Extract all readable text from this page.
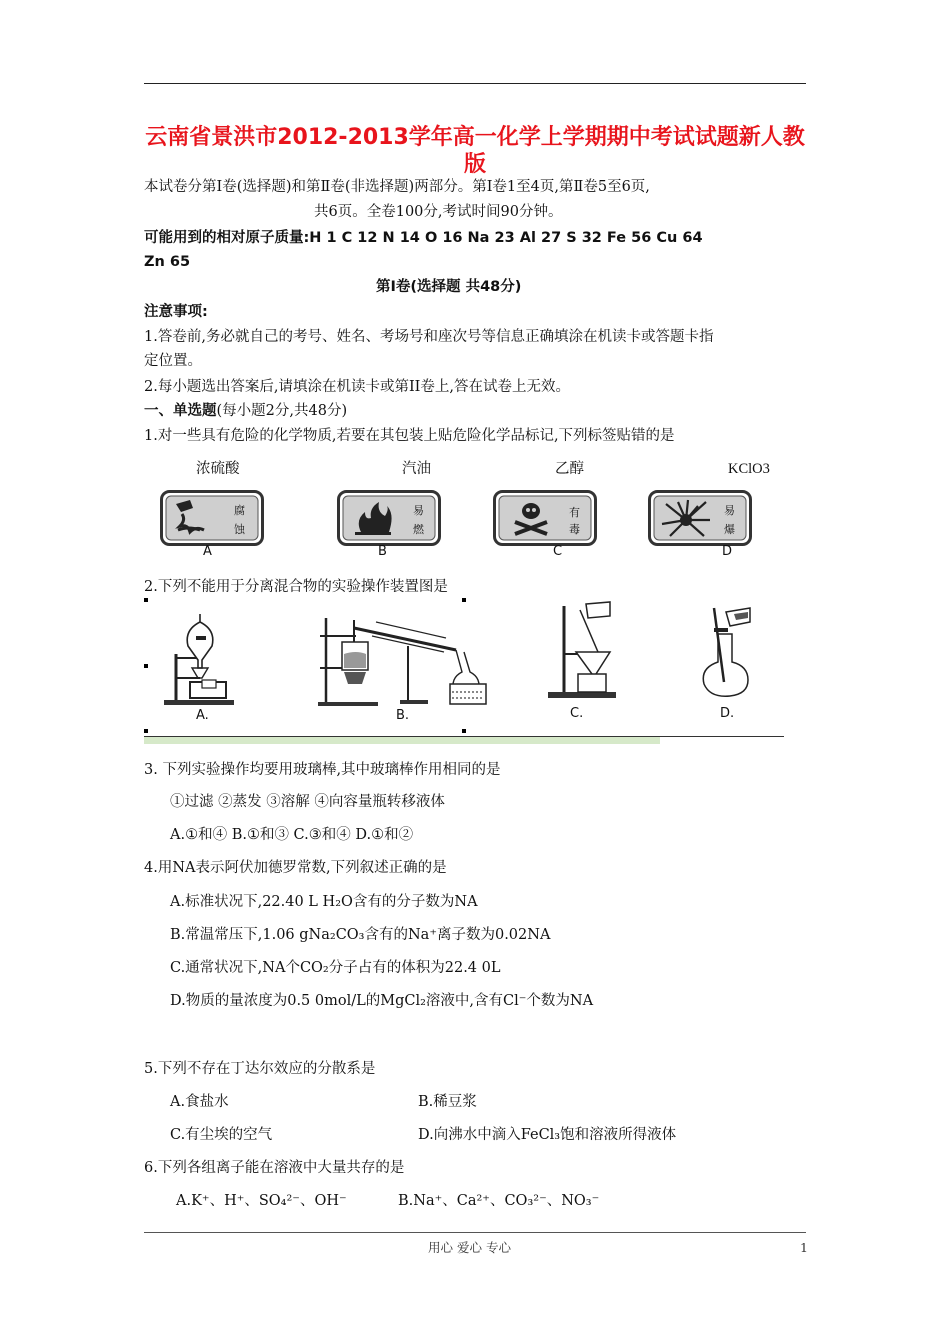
云南省景洪市2012-2013学年高一化学上学期期中考试试题新人教版
本试卷分第Ⅰ卷(选择题)和第Ⅱ卷(非选择题)两部分。第Ⅰ卷1至4页,第Ⅱ卷5至6页,
共6页。全卷100分,考试时间90分钟。
可能用到的相对原子质量:H 1 C 12 N 14 O 16 Na 23 Al 27 S 32 Fe 56 Cu 64
Zn 65
第Ⅰ卷(选择题 共48分)
注意事项:
1.答卷前,务必就自己的考号、姓名、考场号和座次号等信息正确填涂在机读卡或答题卡指
定位置。
2.每小题选出答案后,请填涂在机读卡或第II卷上,答在试卷上无效。
一、单选题(每小题2分,共48分)
1.对一些具有危险的化学物质,若要在其包装上贴危险化学品标记,下列标签贴错的是
浓硫酸	汽油	乙醇	KClO3
腐
蚀
A
易
燃
B
有
毒
C
易
爆
D
2.下列不能用于分离混合物的实验操作装置图是
A.	B.	C.	D.
3. 下列实验操作均要用玻璃棒,其中玻璃棒作用相同的是
①过滤 ②蒸发 ③溶解 ④向容量瓶转移液体
A.①和④ B.①和③ C.③和④ D.①和②
4.用NA表示阿伏加德罗常数,下列叙述正确的是
A.标准状况下,22.40 L H₂O含有的分子数为NA
B.常温常压下,1.06 gNa₂CO₃含有的Na⁺离子数为0.02NA
C.通常状况下,NA个CO₂分子占有的体积为22.4 0L
D.物质的量浓度为0.5 0mol/L的MgCl₂溶液中,含有Cl⁻个数为NA
5.下列不存在丁达尔效应的分散系是
A.食盐水	B.稀豆浆
C.有尘埃的空气	D.向沸水中滴入FeCl₃饱和溶液所得液体
6.下列各组离子能在溶液中大量共存的是
A.K⁺、H⁺、SO₄²⁻、OH⁻	B.Na⁺、Ca²⁺、CO₃²⁻、NO₃⁻
用心 爱心 专心	1
